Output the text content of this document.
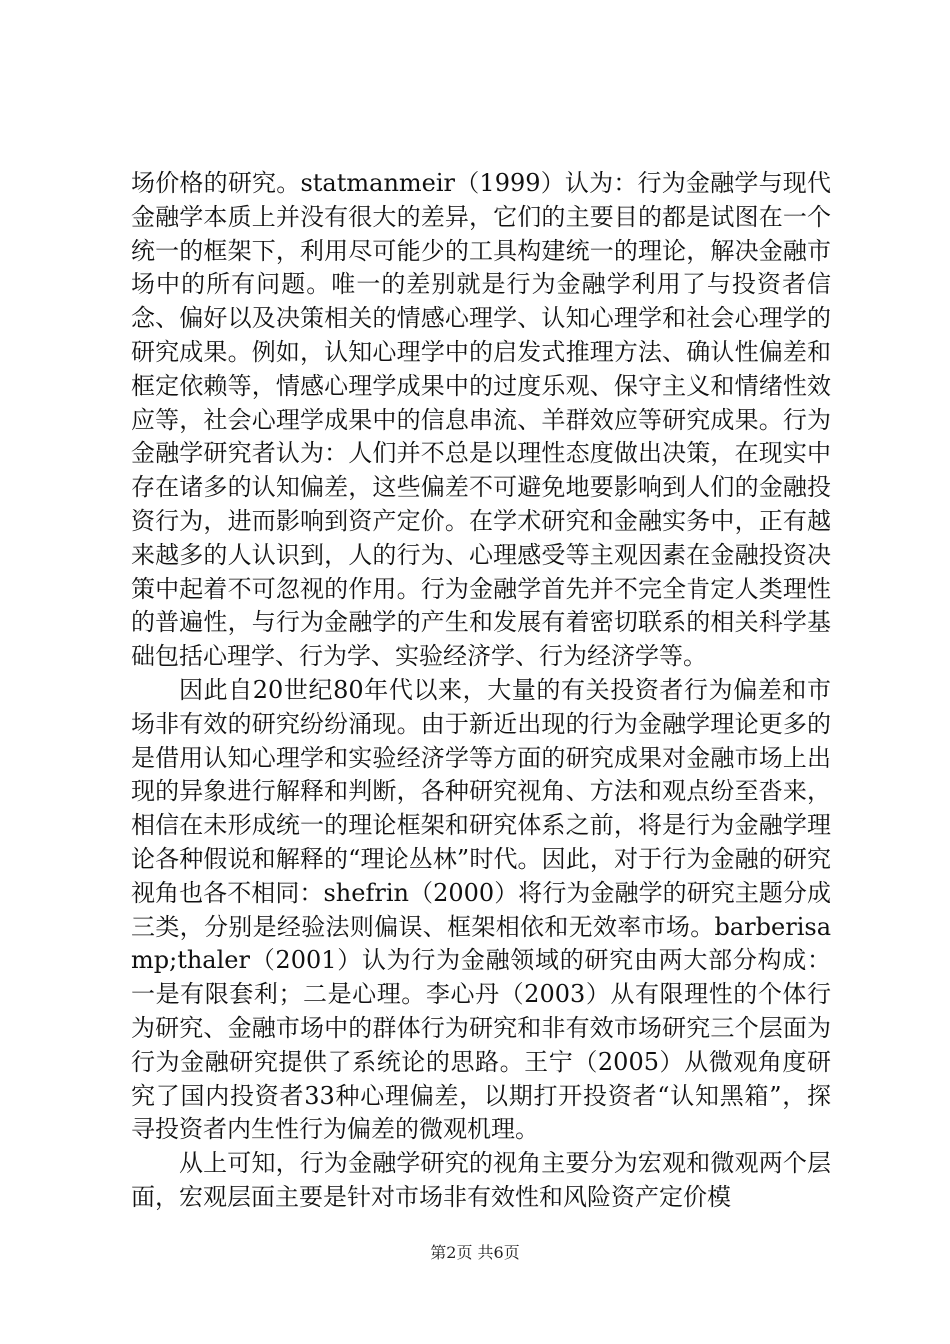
场价格的研究。statmanmeir（1999）认为：行为金融学与现代金融学本质上并没有很大的差异，它们的主要目的都是试图在一个统一的框架下，利用尽可能少的工具构建统一的理论，解决金融市场中的所有问题。唯一的差别就是行为金融学利用了与投资者信念、偏好以及决策相关的情感心理学、认知心理学和社会心理学的研究成果。例如，认知心理学中的启发式推理方法、确认性偏差和框定依赖等，情感心理学成果中的过度乐观、保守主义和情绪性效应等，社会心理学成果中的信息串流、羊群效应等研究成果。行为金融学研究者认为：人们并不总是以理性态度做出决策，在现实中存在诸多的认知偏差，这些偏差不可避免地要影响到人们的金融投资行为，进而影响到资产定价。在学术研究和金融实务中，正有越来越多的人认识到，人的行为、心理感受等主观因素在金融投资决策中起着不可忽视的作用。行为金融学首先并不完全肯定人类理性的普遍性，与行为金融学的产生和发展有着密切联系的相关科学基础包括心理学、行为学、实验经济学、行为经济学等。

因此自20世纪80年代以来，大量的有关投资者行为偏差和市场非有效的研究纷纷涌现。由于新近出现的行为金融学理论更多的是借用认知心理学和实验经济学等方面的研究成果对金融市场上出现的异象进行解释和判断，各种研究视角、方法和观点纷至沓来，相信在未形成统一的理论框架和研究体系之前，将是行为金融学理论各种假说和解释的“理论丛林”时代。因此，对于行为金融的研究视角也各不相同：shefrin（2000）将行为金融学的研究主题分成三类，分别是经验法则偏误、框架相依和无效率市场。barberisamp;thaler（2001）认为行为金融领域的研究由两大部分构成：一是有限套利；二是心理。李心丹（2003）从有限理性的个体行为研究、金融市场中的群体行为研究和非有效市场研究三个层面为行为金融研究提供了系统论的思路。王宁（2005）从微观角度研究了国内投资者33种心理偏差，以期打开投资者“认知黑箱”，探寻投资者内生性行为偏差的微观机理。

从上可知，行为金融学研究的视角主要分为宏观和微观两个层面，宏观层面主要是针对市场非有效性和风险资产定价模

第2页 共6页
